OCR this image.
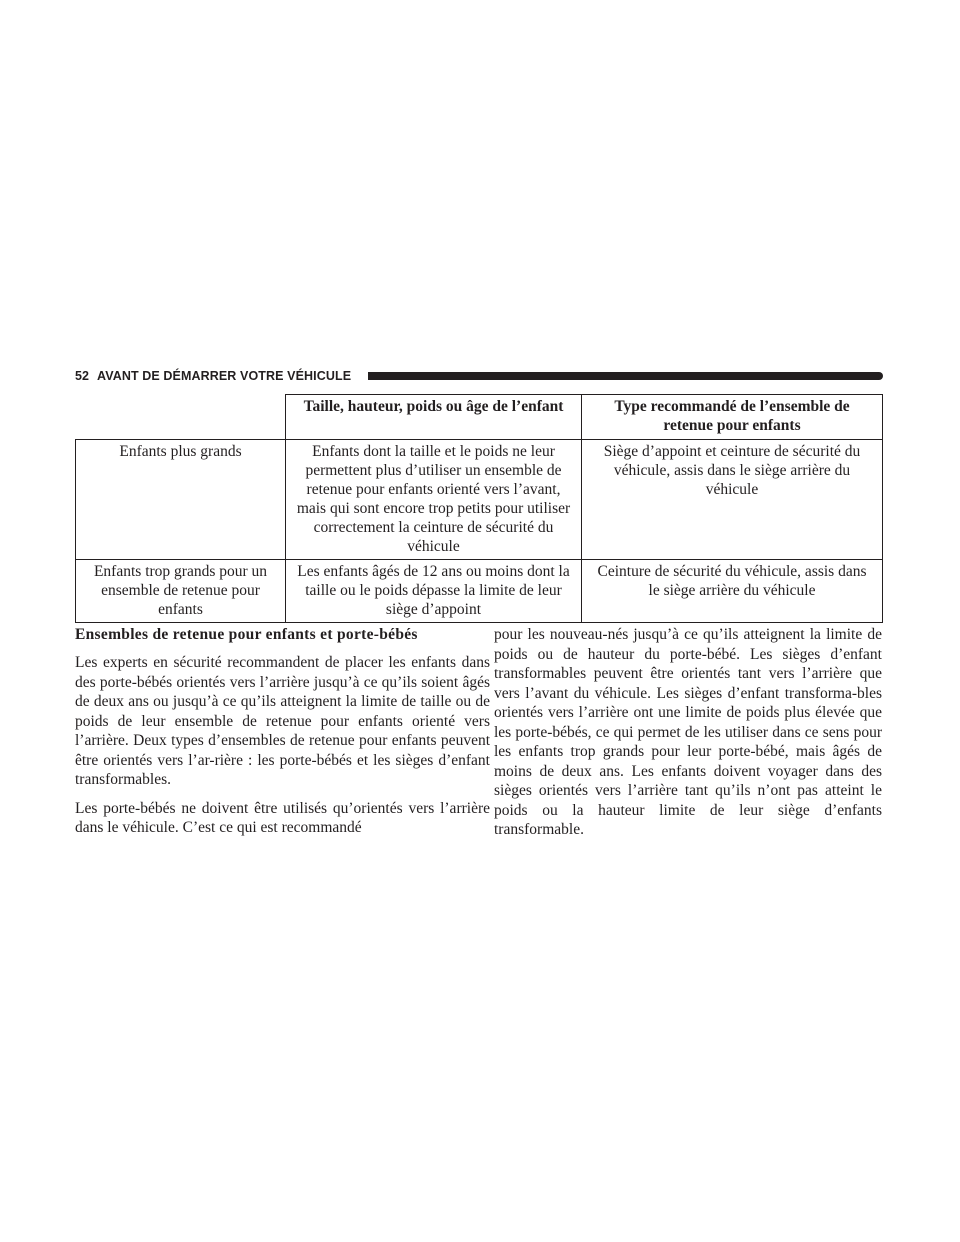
52 AVANT DE DÉMARRER VOTRE VÉHICULE
	Taille, hauteur, poids ou âge de l’enfant	Type recommandé de l’ensemble de retenue pour enfants
Enfants plus grands	Enfants dont la taille et le poids ne leur permettent plus d’utiliser un ensemble de retenue pour enfants orienté vers l’avant, mais qui sont encore trop petits pour utiliser correctement la ceinture de sécurité du véhicule	Siège d’appoint et ceinture de sécurité du véhicule, assis dans le siège arrière du véhicule
Enfants trop grands pour un ensemble de retenue pour enfants	Les enfants âgés de 12 ans ou moins dont la taille ou le poids dépasse la limite de leur siège d’appoint	Ceinture de sécurité du véhicule, assis dans le siège arrière du véhicule
Ensembles de retenue pour enfants et porte-bébés

Les experts en sécurité recommandent de placer les enfants dans des porte-bébés orientés vers l’arrière jusqu’à ce qu’ils soient âgés de deux ans ou jusqu’à ce qu’ils atteignent la limite de taille ou de poids de leur ensemble de retenue pour enfants orienté vers l’arrière. Deux types d’ensembles de retenue pour enfants peuvent être orientés vers l’ar-rière : les porte-bébés et les sièges d’enfant transformables.

Les porte-bébés ne doivent être utilisés qu’orientés vers l’arrière dans le véhicule. C’est ce qui est recommandé

pour les nouveau-nés jusqu’à ce qu’ils atteignent la limite de poids ou de hauteur du porte-bébé. Les sièges d’enfant transformables peuvent être orientés tant vers l’arrière que vers l’avant du véhicule. Les sièges d’enfant transforma-bles orientés vers l’arrière ont une limite de poids plus élevée que les porte-bébés, ce qui permet de les utiliser dans ce sens pour les enfants trop grands pour leur porte-bébé, mais âgés de moins de deux ans. Les enfants doivent voyager dans des sièges orientés vers l’arrière tant qu’ils n’ont pas atteint le poids ou la hauteur limite de leur siège d’enfants transformable.
